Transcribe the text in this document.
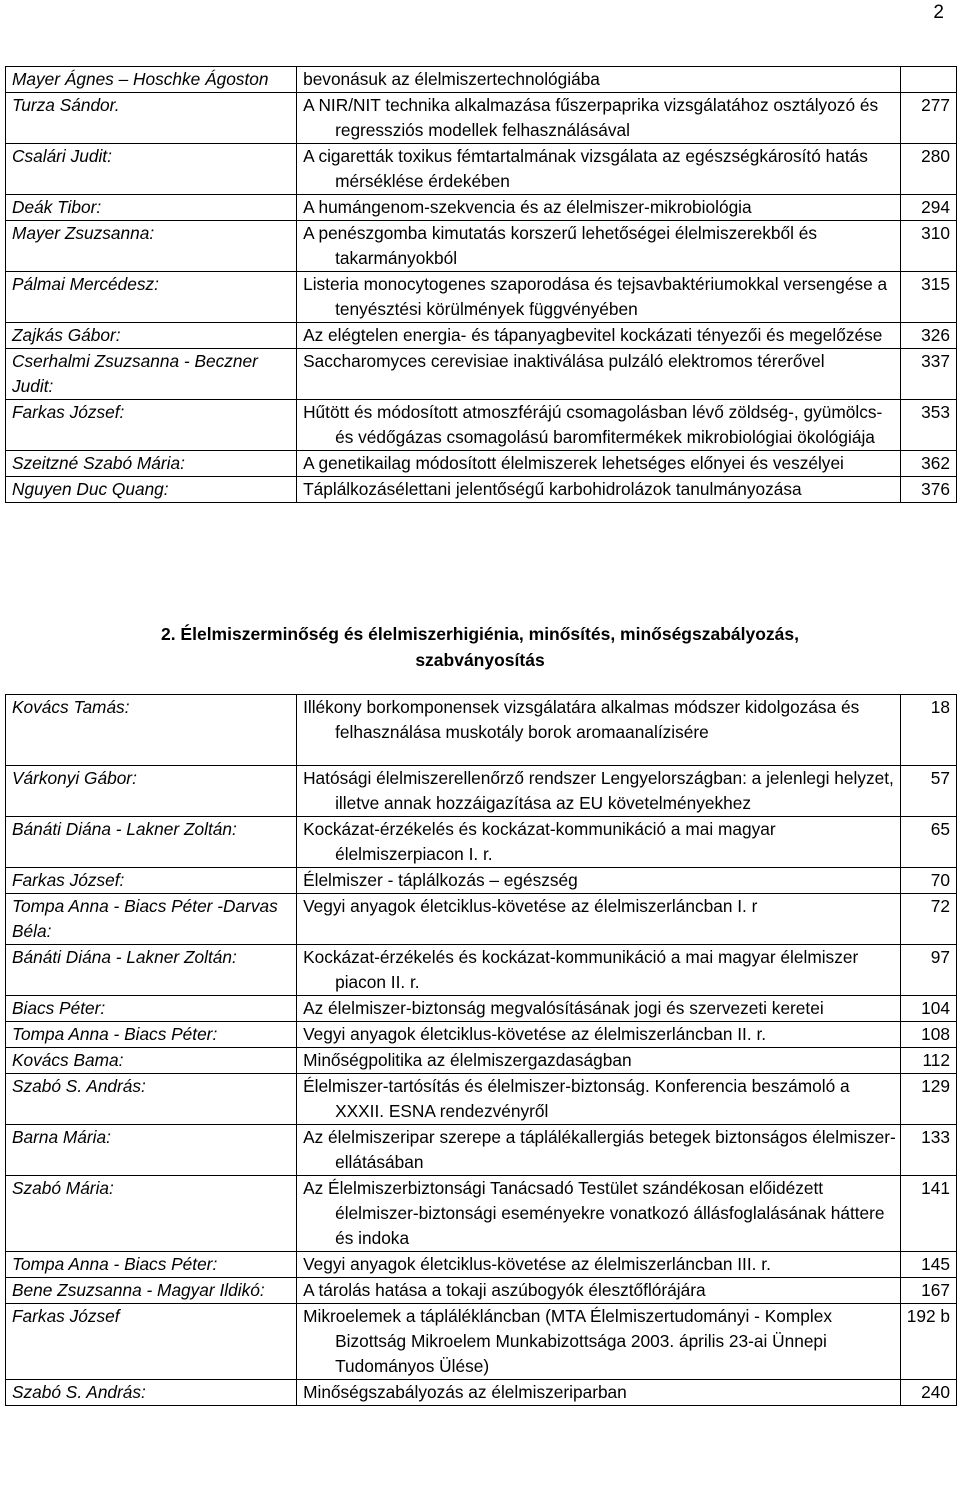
2
Mayer Ágnes – Hoschke Ágoston	bevonásuk az élelmiszertechnológiába	

Turza Sándor.	A NIR/NIT technika alkalmazása fűszerpaprika vizsgálatához osztályozó és regressziós modellek felhasználásával	277
Csalári Judit:	A cigaretták toxikus fémtartalmának vizsgálata az egészségkárosító hatás mérséklése érdekében	280
Deák Tibor:	A humángenom-szekvencia és az élelmiszer-mikrobiológia	294
Mayer Zsuzsanna:	A penészgomba kimutatás korszerű lehetőségei élelmiszerekből és takarmányokból	310
Pálmai Mercédesz:	Listeria monocytogenes szaporodása és tejsavbaktériumokkal versengése a tenyésztési körülmények függvényében	315
Zajkás Gábor:	Az elégtelen energia- és tápanyagbevitel kockázati tényezői és megelőzése	326
Cserhalmi Zsuzsanna - Beczner Judit:	Saccharomyces cerevisiae inaktiválása pulzáló elektromos térerővel	337
Farkas József:	Hűtött és módosított atmoszférájú csomagolásban lévő zöldség-, gyümölcs- és védőgázas csomagolású baromfitermékek mikrobiológiai ökológiája	353
Szeitzné Szabó Mária:	A genetikailag módosított élelmiszerek lehetséges előnyei és veszélyei	362
Nguyen Duc Quang:	Táplálkozásélettani jelentőségű karbohidrolázok tanulmányozása	376
2. Élelmiszerminőség és élelmiszerhigiénia, minősítés, minőségszabályozás,
szabványosítás
Kovács Tamás:	Illékony borkomponensek vizsgálatára alkalmas módszer kidolgozása és felhasználása muskotály borok aromaanalízisére	18
Várkonyi Gábor:	Hatósági élelmiszerellenőrző rendszer Lengyelországban: a jelenlegi helyzet, illetve annak hozzáigazítása az EU követelményekhez	57
Bánáti Diána - Lakner Zoltán:	Kockázat-érzékelés és kockázat-kommunikáció a mai magyar élelmiszerpiacon I. r.	65
Farkas József:	Élelmiszer - táplálkozás – egészség	70
Tompa Anna - Biacs Péter -Darvas Béla:	Vegyi anyagok életciklus-követése az élelmiszerláncban I. r	72
Bánáti Diána - Lakner Zoltán:	Kockázat-érzékelés és kockázat-kommunikáció a mai magyar élelmiszer piacon II. r.	97
Biacs Péter:	Az élelmiszer-biztonság megvalósításának jogi és szervezeti keretei	104
Tompa Anna - Biacs Péter:	Vegyi anyagok életciklus-követése az élelmiszerláncban II. r.	108
Kovács Bama:	Minőségpolitika az élelmiszergazdaságban	112
Szabó S. András:	Élelmiszer-tartósítás és élelmiszer-biztonság. Konferencia beszámoló a XXXII. ESNA rendezvényről	129
Barna Mária:	Az élelmiszeripar szerepe a táplálékallergiás betegek biztonságos élelmiszer-ellátásában	133
Szabó Mária:	Az Élelmiszerbiztonsági Tanácsadó Testület szándékosan előidézett élelmiszer-biztonsági eseményekre vonatkozó állásfoglalásának háttere és indoka	141
Tompa Anna - Biacs Péter:	Vegyi anyagok életciklus-követése az élelmiszerláncban III. r.	145
Bene Zsuzsanna - Magyar Ildikó:	A tárolás hatása a tokaji aszúbogyók élesztőflórájára	167
Farkas József	Mikroelemek a táplálékláncban (MTA Élelmiszertudományi - Komplex Bizottság Mikroelem Munkabizottsága 2003. április 23-ai Ünnepi Tudományos Ülése)	192 b
Szabó S. András:	Minőségszabályozás az élelmiszeriparban	240
